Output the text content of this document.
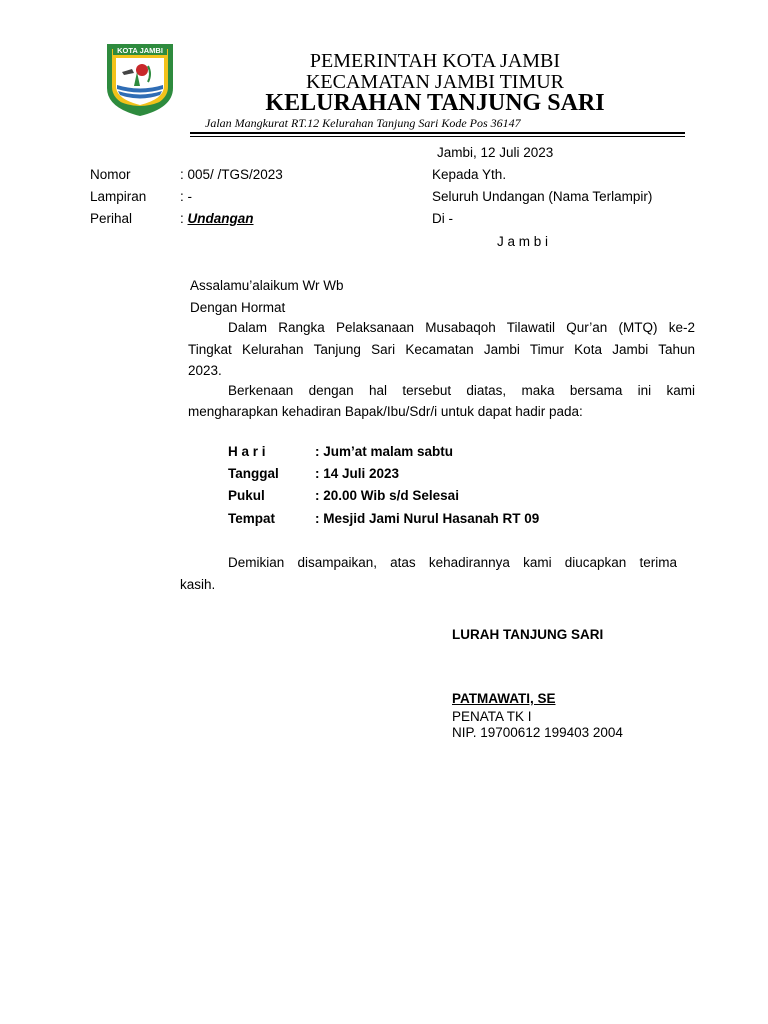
KOTA JAMBI	PEMERINTAH KOTA JAMBI
KECAMATAN JAMBI TIMUR
KELURAHAN TANJUNG SARI
Jalan Mangkurat RT.12 Kelurahan Tanjung Sari Kode Pos 36147
Jambi, 12 Juli 2023
Nomor	: 005/ /TGS/2023
Lampiran : -
Perihal	: Undangan
Kepada Yth.
Seluruh Undangan (Nama Terlampir)
Di -
J a m b i
Assalamu’alaikum Wr Wb
Dengan Hormat
Dalam Rangka Pelaksanaan Musabaqoh Tilawatil Qur’an (MTQ) ke-2
Tingkat Kelurahan Tanjung Sari Kecamatan Jambi Timur Kota Jambi Tahun
2023.
Berkenaan dengan hal tersebut diatas, maka bersama ini kami
mengharapkan kehadiran Bapak/Ibu/Sdr/i untuk dapat hadir pada:
H a r i	: Jum’at malam sabtu
Tanggal	: 14 Juli 2023
Pukul	: 20.00 Wib s/d Selesai
Tempat	: Mesjid Jami Nurul Hasanah RT 09
Demikian disampaikan, atas kehadirannya kami diucapkan terima
kasih.
LURAH TANJUNG SARI
PATMAWATI, SE
PENATA TK I
NIP. 19700612 199403 2004
